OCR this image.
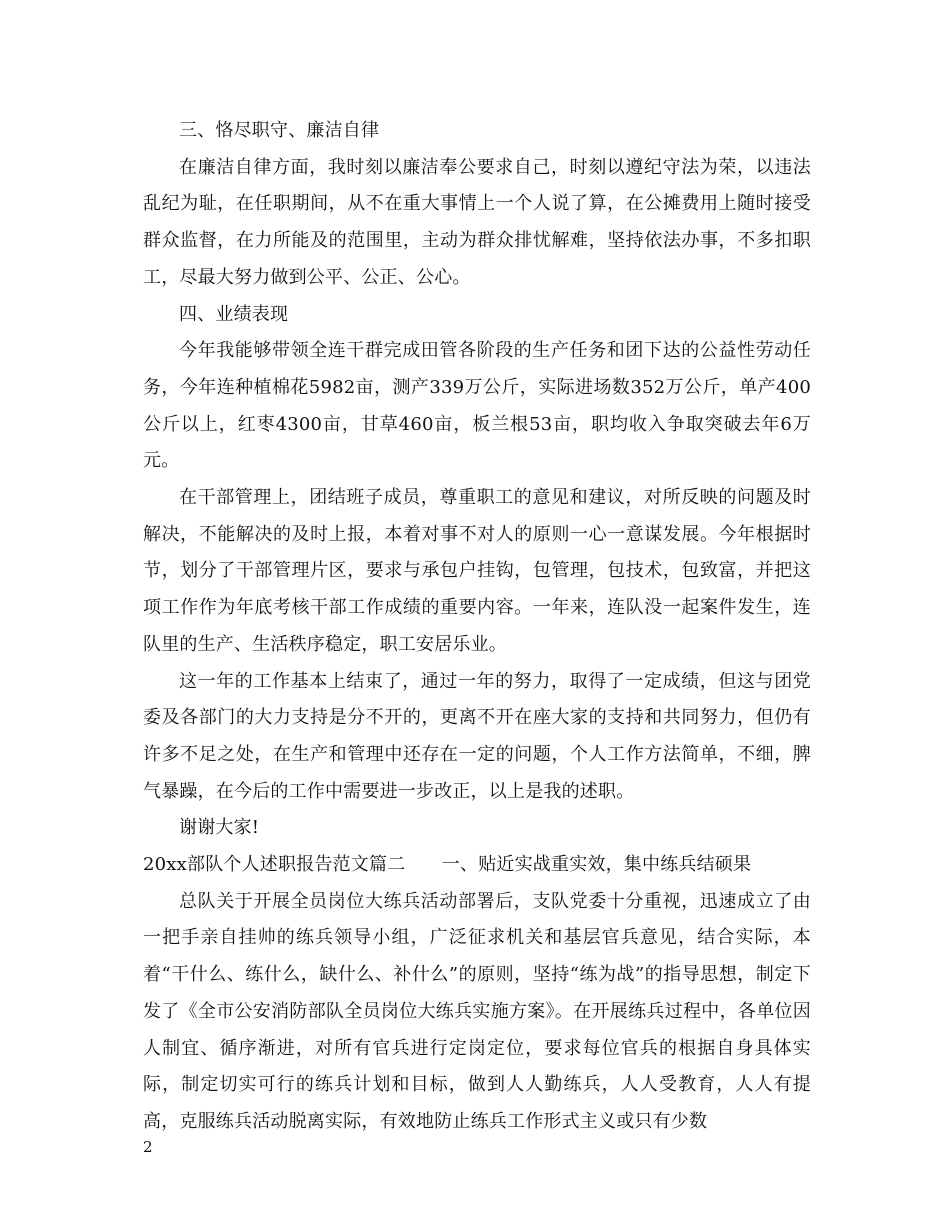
三、恪尽职守、廉洁自律

在廉洁自律方面，我时刻以廉洁奉公要求自己，时刻以遵纪守法为荣，以违法乱纪为耻，在任职期间，从不在重大事情上一个人说了算，在公摊费用上随时接受群众监督，在力所能及的范围里，主动为群众排忧解难，坚持依法办事，不多扣职工，尽最大努力做到公平、公正、公心。

四、业绩表现

今年我能够带领全连干群完成田管各阶段的生产任务和团下达的公益性劳动任务，今年连种植棉花5982亩，测产339万公斤，实际进场数352万公斤，单产400公斤以上，红枣4300亩，甘草460亩，板兰根53亩，职均收入争取突破去年6万元。

在干部管理上，团结班子成员，尊重职工的意见和建议，对所反映的问题及时解决，不能解决的及时上报，本着对事不对人的原则一心一意谋发展。今年根据时节，划分了干部管理片区，要求与承包户挂钩，包管理，包技术，包致富，并把这项工作作为年底考核干部工作成绩的重要内容。一年来，连队没一起案件发生，连队里的生产、生活秩序稳定，职工安居乐业。

这一年的工作基本上结束了，通过一年的努力，取得了一定成绩，但这与团党委及各部门的大力支持是分不开的，更离不开在座大家的支持和共同努力，但仍有许多不足之处，在生产和管理中还存在一定的问题，个人工作方法简单，不细，脾气暴躁，在今后的工作中需要进一步改正，以上是我的述职。

谢谢大家!

20xx部队个人述职报告范文篇二　　一、贴近实战重实效，集中练兵结硕果

总队关于开展全员岗位大练兵活动部署后，支队党委十分重视，迅速成立了由一把手亲自挂帅的练兵领导小组，广泛征求机关和基层官兵意见，结合实际，本着“干什么、练什么，缺什么、补什么”的原则，坚持“练为战”的指导思想，制定下发了《全市公安消防部队全员岗位大练兵实施方案》。在开展练兵过程中，各单位因人制宜、循序渐进，对所有官兵进行定岗定位，要求每位官兵的根据自身具体实际，制定切实可行的练兵计划和目标，做到人人勤练兵，人人受教育，人人有提高，克服练兵活动脱离实际，有效地防止练兵工作形式主义或只有少数

2
